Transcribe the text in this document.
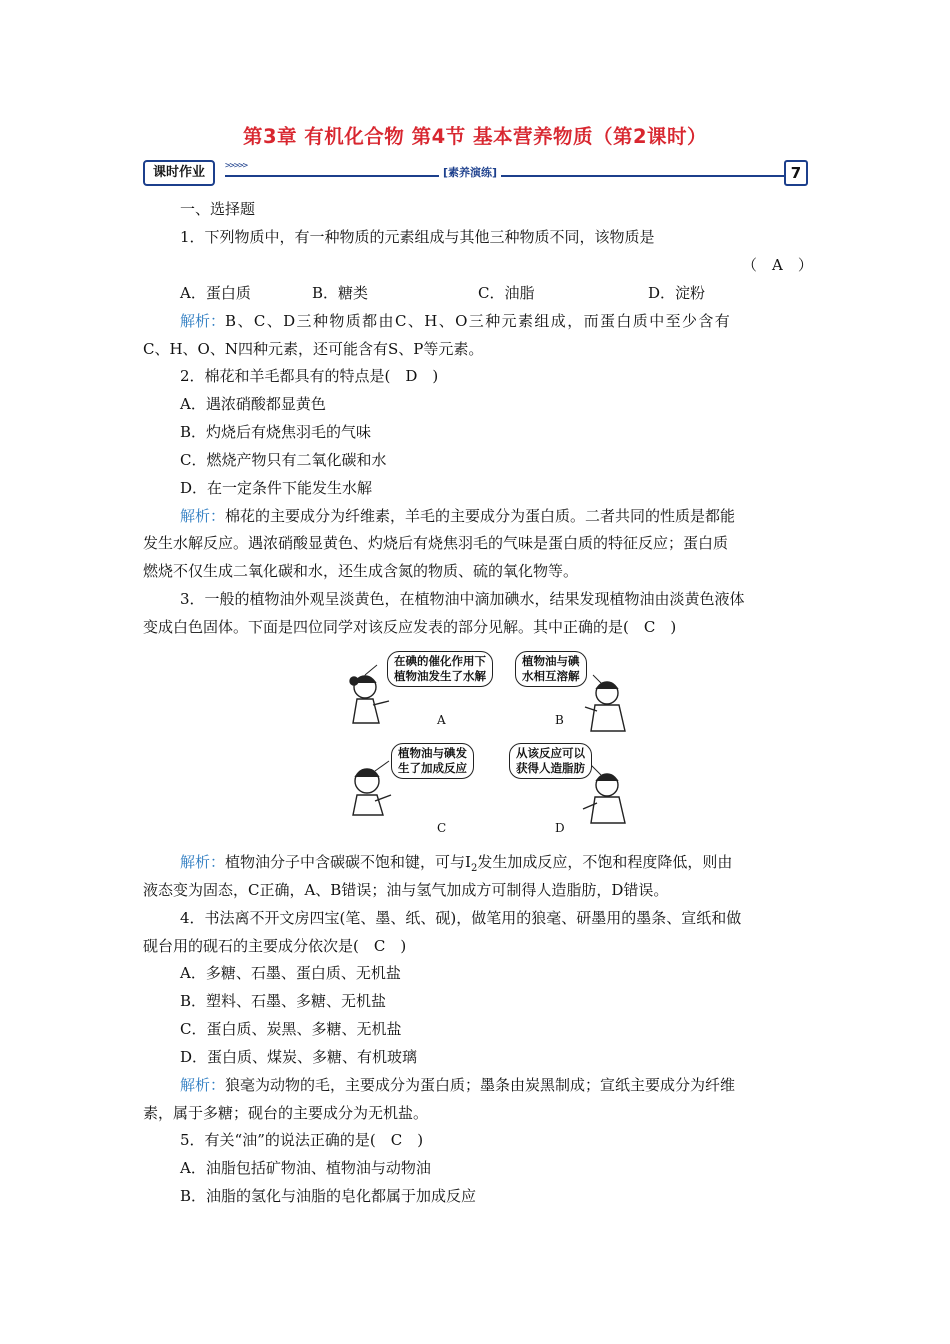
第3章 有机化合物 第4节 基本营养物质（第2课时）
课时作业	>>>>>	[素养演练]	7
一、选择题
1．下列物质中，有一种物质的元素组成与其他三种物质不同，该物质是
（　A　）
A．蛋白质	B．糖类	C．油脂	D．淀粉
解析：B、C、D三种物质都由C、H、O三种元素组成，而蛋白质中至少含有
C、H、O、N四种元素，还可能含有S、P等元素。
2．棉花和羊毛都具有的特点是(　D　)
A．遇浓硝酸都显黄色
B．灼烧后有烧焦羽毛的气味
C．燃烧产物只有二氧化碳和水
D．在一定条件下能发生水解
解析：棉花的主要成分为纤维素，羊毛的主要成分为蛋白质。二者共同的性质是都能
发生水解反应。遇浓硝酸显黄色、灼烧后有烧焦羽毛的气味是蛋白质的特征反应；蛋白质
燃烧不仅生成二氧化碳和水，还生成含氮的物质、硫的氧化物等。
3．一般的植物油外观呈淡黄色，在植物油中滴加碘水，结果发现植物油由淡黄色液体
变成白色固体。下面是四位同学对该反应发表的部分见解。其中正确的是(　C　)
在碘的催化作用下
植物油发生了水解
A
植物油与碘
水相互溶解
B
植物油与碘发
生了加成反应
C
从该反应可以
获得人造脂肪
D
解析：植物油分子中含碳碳不饱和键，可与$I_2$发生加成反应，不饱和程度降低，则由
液态变为固态，C正确，A、B错误；油与氢气加成方可制得人造脂肪，D错误。
4．书法离不开文房四宝(笔、墨、纸、砚)，做笔用的狼毫、研墨用的墨条、宣纸和做
砚台用的砚石的主要成分依次是(　C　)
A．多糖、石墨、蛋白质、无机盐
B．塑料、石墨、多糖、无机盐
C．蛋白质、炭黑、多糖、无机盐
D．蛋白质、煤炭、多糖、有机玻璃
解析：狼毫为动物的毛，主要成分为蛋白质；墨条由炭黑制成；宣纸主要成分为纤维
素，属于多糖；砚台的主要成分为无机盐。
5．有关“油”的说法正确的是(　C　)
A．油脂包括矿物油、植物油与动物油
B．油脂的氢化与油脂的皂化都属于加成反应
